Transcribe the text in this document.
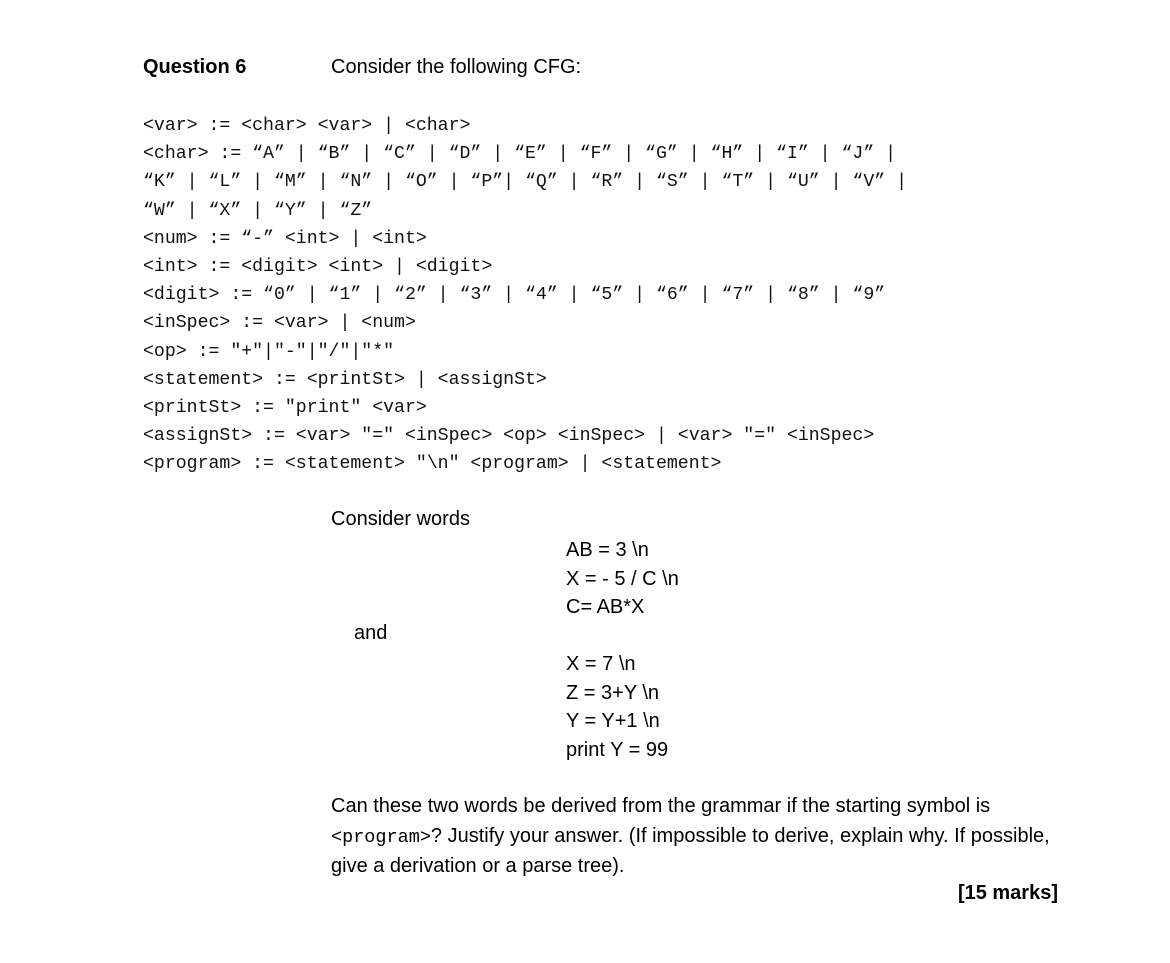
Question 6	Consider the following CFG:
<var> := <char> <var> | <char>
<char> := “A” | “B” | “C” | “D” | “E” | “F” | “G” | “H” | “I” | “J” |
“K” | “L” | “M” | “N” | “O” | “P”| “Q” | “R” | “S” | “T” | “U” | “V” |
“W” | “X” | “Y” | “Z”
<num> := “-” <int> | <int>
<int> := <digit> <int> | <digit>
<digit> := “0” | “1” | “2” | “3” | “4” | “5” | “6” | “7” | “8” | “9”
<inSpec> := <var> | <num>
<op> := "+"|"-"|"/"|"*"
<statement> := <printSt> | <assignSt>
<printSt> := "print" <var>
<assignSt> := <var> "=" <inSpec> <op> <inSpec> | <var> "=" <inSpec>
<program> := <statement> "\n" <program> | <statement>
Consider words
AB = 3 \n
X = - 5 / C \n
C= AB*X
and
X = 7 \n
Z = 3+Y \n
Y = Y+1 \n
print Y = 99
Can these two words be derived from the grammar if the starting symbol is <program>? Justify your answer. (If impossible to derive, explain why. If possible, give a derivation or a parse tree).
[15 marks]
